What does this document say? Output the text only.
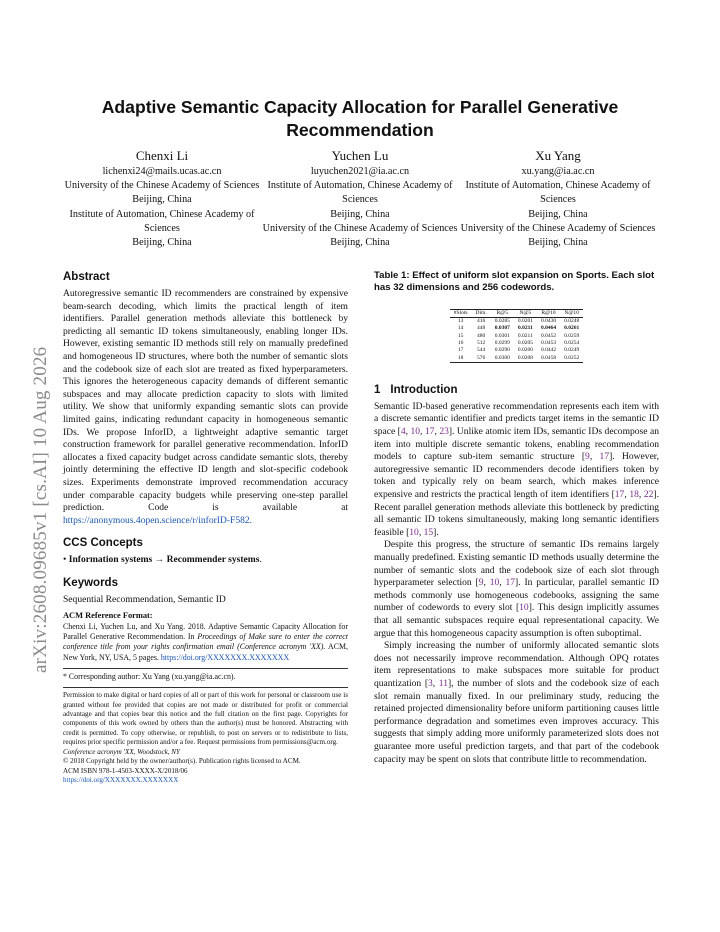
arXiv:2608.09685v1 [cs.AI] 10 Aug 2026
Adaptive Semantic Capacity Allocation for Parallel Generative Recommendation
Chenxi Li
lichenxi24@mails.ucas.ac.cn
University of the Chinese Academy of Sciences
Beijing, China
Institute of Automation, Chinese Academy of Sciences
Beijing, China
Yuchen Lu
luyuchen2021@ia.ac.cn
Institute of Automation, Chinese Academy of Sciences
Beijing, China
University of the Chinese Academy of Sciences
Beijing, China
Xu Yang
xu.yang@ia.ac.cn
Institute of Automation, Chinese Academy of Sciences
Beijing, China
University of the Chinese Academy of Sciences
Beijing, China
Abstract

Autoregressive semantic ID recommenders are constrained by expensive beam-search decoding, which limits the practical length of item identifiers. Parallel generation methods alleviate this bottleneck by predicting all semantic ID tokens simultaneously, enabling longer IDs. However, existing semantic ID methods still rely on manually predefined and homogeneous ID structures, where both the number of semantic slots and the codebook size of each slot are treated as fixed hyperparameters. This ignores the heterogeneous capacity demands of different semantic subspaces and may allocate prediction capacity to slots with limited utility. We show that uniformly expanding semantic slots can provide limited gains, indicating redundant capacity in homogeneous semantic IDs. We propose InforID, a lightweight adaptive semantic target construction framework for parallel generative recommendation. InforID allocates a fixed capacity budget across candidate semantic slots, thereby jointly determining the effective ID length and slot-specific codebook sizes. Experiments demonstrate improved recommendation accuracy under comparable capacity budgets while preserving one-step parallel prediction. Code is available at https://anonymous.4open.science/r/inforID-F582.

CCS Concepts

• Information systems → Recommender systems.

Keywords

Sequential Recommendation, Semantic ID

ACM Reference Format:

Chenxi Li, Yuchen Lu, and Xu Yang. 2018. Adaptive Semantic Capacity Allocation for Parallel Generative Recommendation. In Proceedings of Make sure to enter the correct conference title from your rights confirmation email (Conference acronym 'XX). ACM, New York, NY, USA, 5 pages. https://doi.org/XXXXXXX.XXXXXXX

* Corresponding author: Xu Yang (xu.yang@ia.ac.cn).
Permission to make digital or hard copies of all or part of this work for personal or classroom use is granted without fee provided that copies are not made or distributed for profit or commercial advantage and that copies bear this notice and the full citation on the first page. Copyrights for components of this work owned by others than the author(s) must be honored. Abstracting with credit is permitted. To copy otherwise, or republish, to post on servers or to redistribute to lists, requires prior specific permission and/or a fee. Request permissions from permissions@acm.org.
Conference acronym 'XX, Woodstock, NY
© 2018 Copyright held by the owner/author(s). Publication rights licensed to ACM.
ACM ISBN 978-1-4503-XXXX-X/2018/06
https://doi.org/XXXXXXX.XXXXXXX
Table 1: Effect of uniform slot expansion on Sports. Each slot has 32 dimensions and 256 codewords.
#Slots	Dim.	R@5	N@5	R@10	N@10
13	416	0.0285	0.0201	0.0430	0.0248
14	448	0.0307	0.0211	0.0464	0.0261
15	480	0.0301	0.0211	0.0452	0.0259
16	512	0.0299	0.0205	0.0453	0.0254
17	544	0.0290	0.0200	0.0442	0.0249
18	576	0.0300	0.0208	0.0458	0.0252
1 Introduction

Semantic ID-based generative recommendation represents each item with a discrete semantic identifier and predicts target items in the semantic ID space [4, 10, 17, 23]. Unlike atomic item IDs, semantic IDs decompose an item into multiple discrete semantic tokens, enabling recommendation models to capture sub-item semantic structure [9, 17]. However, autoregressive semantic ID recommenders decode identifiers token by token and typically rely on beam search, which makes inference expensive and restricts the practical length of item identifiers [17, 18, 22]. Recent parallel generation methods alleviate this bottleneck by predicting all semantic ID tokens simultaneously, making long semantic identifiers feasible [10, 15].

Despite this progress, the structure of semantic IDs remains largely manually predefined. Existing semantic ID methods usually determine the number of semantic slots and the codebook size of each slot through hyperparameter selection [9, 10, 17]. In particular, parallel semantic ID methods commonly use homogeneous codebooks, assigning the same number of codewords to every slot [10]. This design implicitly assumes that all semantic subspaces require equal representational capacity. We argue that this homogeneous capacity assumption is often suboptimal.

Simply increasing the number of uniformly allocated semantic slots does not necessarily improve recommendation. Although OPQ rotates item representations to make subspaces more suitable for product quantization [3, 11], the number of slots and the codebook size of each slot remain manually fixed. In our preliminary study, reducing the retained projected dimensionality before uniform partitioning causes little performance degradation and sometimes even improves accuracy. This suggests that simply adding more uniformly parameterized slots does not guarantee more useful prediction targets, and that part of the codebook capacity may be spent on slots that contribute little to recommendation.
